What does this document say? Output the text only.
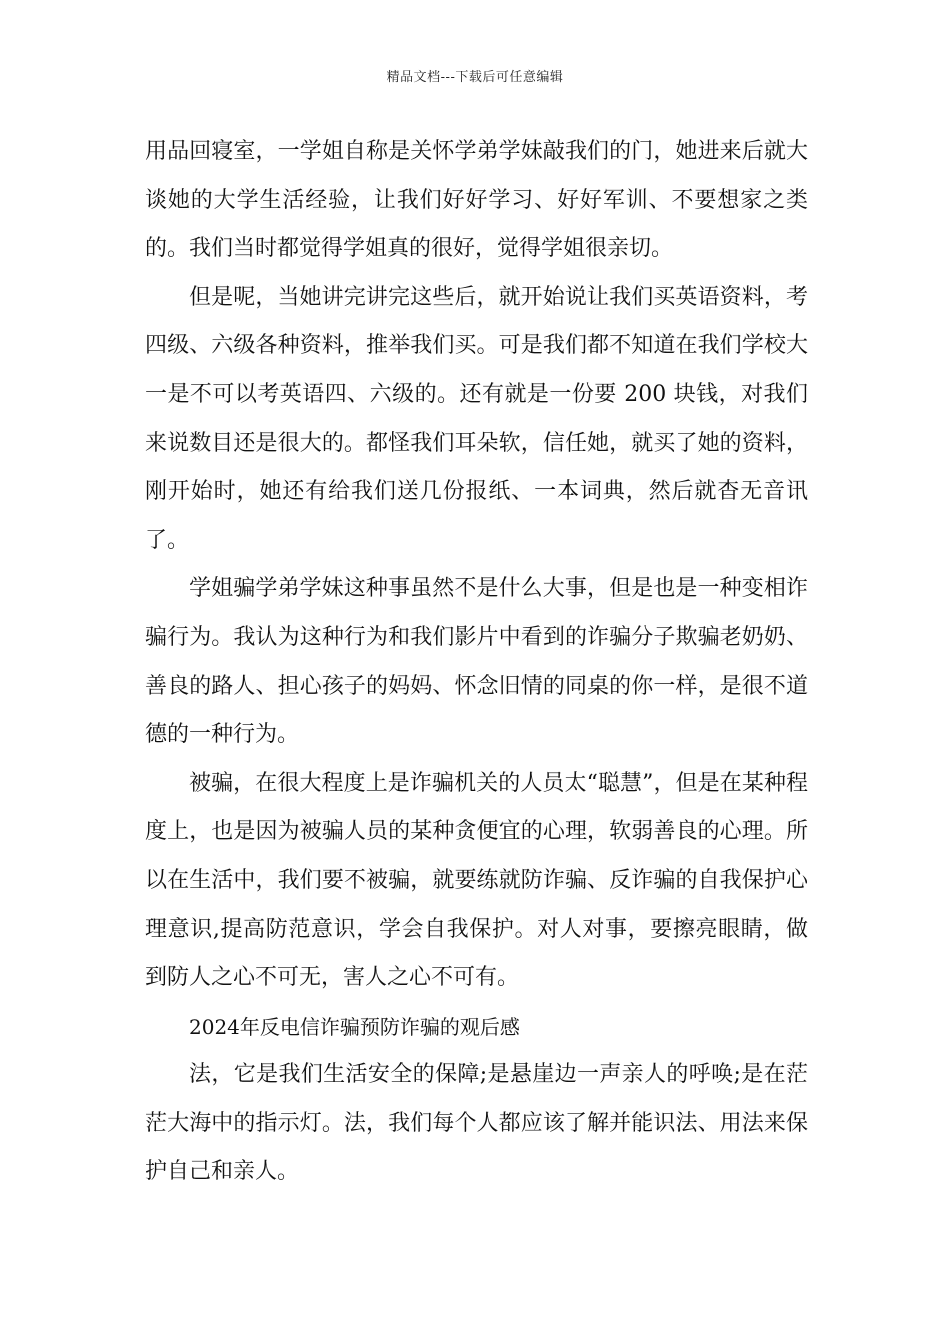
精品文档---下载后可任意编辑

用品回寝室，一学姐自称是关怀学弟学妹敲我们的门，她进来后就大谈她的大学生活经验，让我们好好学习、好好军训、不要想家之类的。我们当时都觉得学姐真的很好，觉得学姐很亲切。

但是呢，当她讲完讲完这些后，就开始说让我们买英语资料，考四级、六级各种资料，推举我们买。可是我们都不知道在我们学校大一是不可以考英语四、六级的。还有就是一份要 200 块钱，对我们来说数目还是很大的。都怪我们耳朵软，信任她，就买了她的资料，刚开始时，她还有给我们送几份报纸、一本词典，然后就杳无音讯了。

学姐骗学弟学妹这种事虽然不是什么大事，但是也是一种变相诈骗行为。我认为这种行为和我们影片中看到的诈骗分子欺骗老奶奶、善良的路人、担心孩子的妈妈、怀念旧情的同桌的你一样，是很不道德的一种行为。

被骗，在很大程度上是诈骗机关的人员太“聪慧”，但是在某种程度上，也是因为被骗人员的某种贪便宜的心理，软弱善良的心理。所以在生活中，我们要不被骗，就要练就防诈骗、反诈骗的自我保护心理意识,提高防范意识，学会自我保护。对人对事，要擦亮眼睛，做到防人之心不可无，害人之心不可有。

2024年反电信诈骗预防诈骗的观后感

法，它是我们生活安全的保障;是悬崖边一声亲人的呼唤;是在茫茫大海中的指示灯。法，我们每个人都应该了解并能识法、用法来保护自己和亲人。
